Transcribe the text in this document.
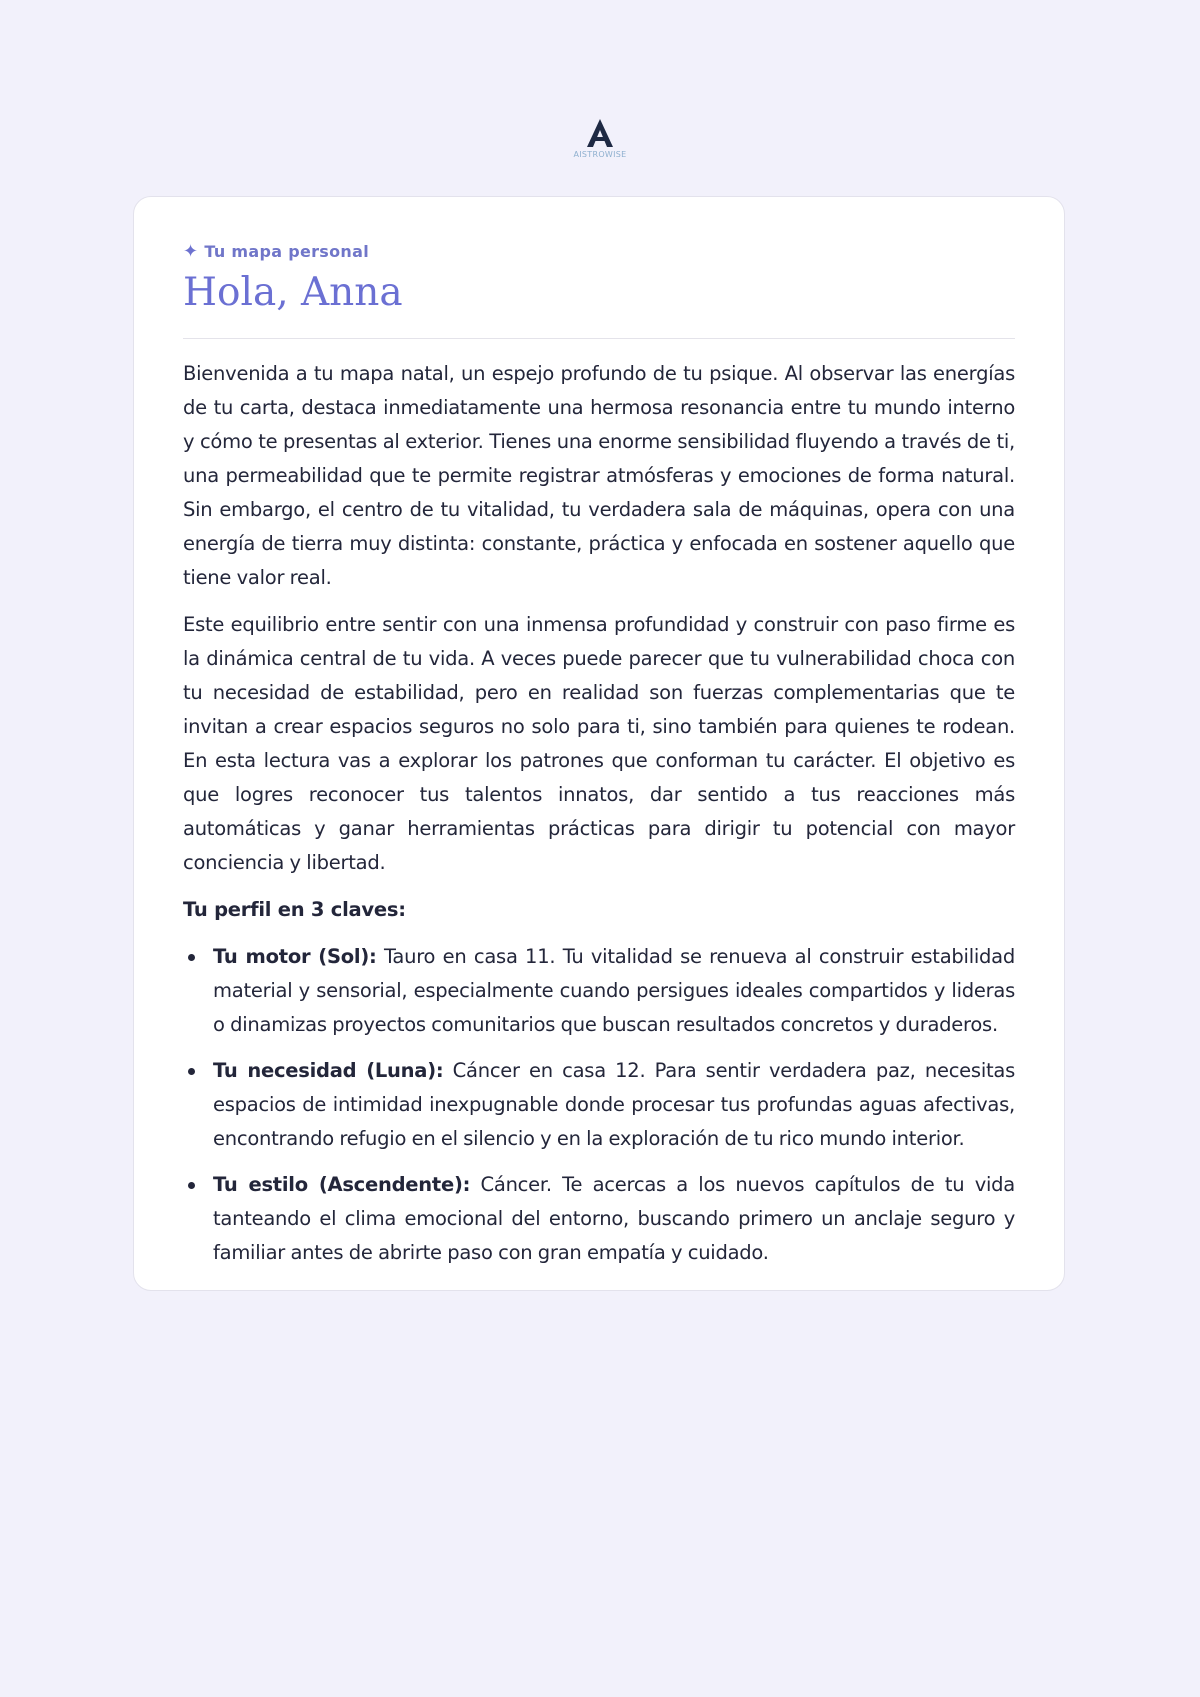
AISTROWISE
✦ Tu mapa personal
Hola, Anna

Bienvenida a tu mapa natal, un espejo profundo de tu psique. Al observar las energías de tu carta, destaca inmediatamente una hermosa resonancia entre tu mundo interno y cómo te presentas al exterior. Tienes una enorme sensibilidad fluyendo a través de ti, una permeabilidad que te permite registrar atmósferas y emociones de forma natural. Sin embargo, el centro de tu vitalidad, tu verdadera sala de máquinas, opera con una energía de tierra muy distinta: constante, práctica y enfocada en sostener aquello que tiene valor real.

Este equilibrio entre sentir con una inmensa profundidad y construir con paso firme es la dinámica central de tu vida. A veces puede parecer que tu vulnerabilidad choca con tu necesidad de estabilidad, pero en realidad son fuerzas complementarias que te invitan a crear espacios seguros no solo para ti, sino también para quienes te rodean. En esta lectura vas a explorar los patrones que conforman tu carácter. El objetivo es que logres reconocer tus talentos innatos, dar sentido a tus reacciones más automáticas y ganar herramientas prácticas para dirigir tu potencial con mayor conciencia y libertad.

Tu perfil en 3 claves:
Tu motor (Sol): Tauro en casa 11. Tu vitalidad se renueva al construir estabilidad material y sensorial, especialmente cuando persigues ideales compartidos y lideras o dinamizas proyectos comunitarios que buscan resultados concretos y duraderos.
Tu necesidad (Luna): Cáncer en casa 12. Para sentir verdadera paz, necesitas espacios de intimidad inexpugnable donde procesar tus profundas aguas afectivas, encontrando refugio en el silencio y en la exploración de tu rico mundo interior.
Tu estilo (Ascendente): Cáncer. Te acercas a los nuevos capítulos de tu vida tanteando el clima emocional del entorno, buscando primero un anclaje seguro y familiar antes de abrirte paso con gran empatía y cuidado.
